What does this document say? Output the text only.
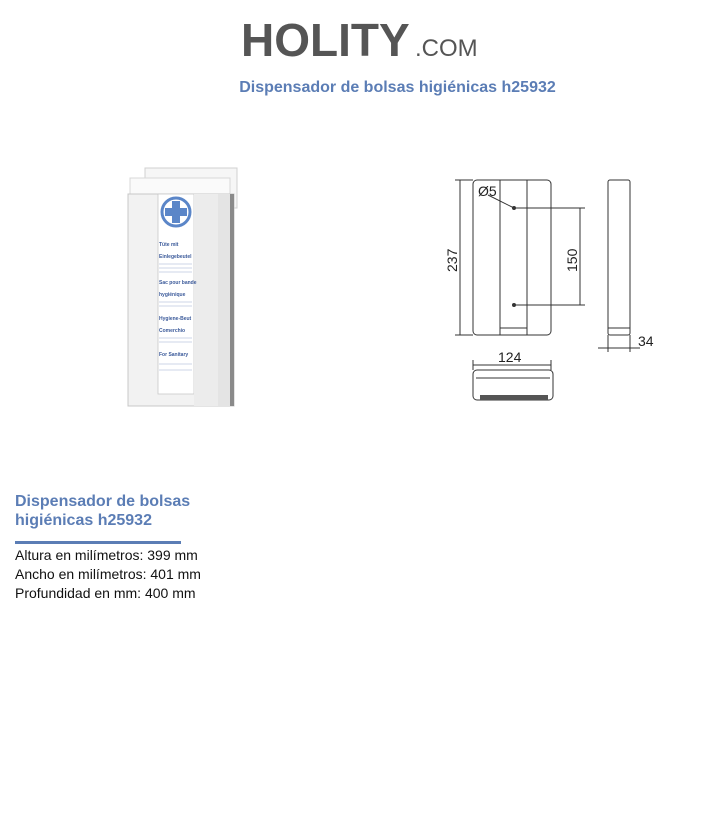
HOLITY .COM
Dispensador de bolsas higiénicas h25932
Tüte mit
Einlegebeutel
Sac pour bande
hygiénique
Hygiene-Beut
Comerchio
For Sanitary
Ø5
237	150
124
34
Dispensador de bolsas higiénicas h25932
Altura en milímetros: 399 mm
Ancho en milímetros: 401 mm
Profundidad en mm: 400 mm
